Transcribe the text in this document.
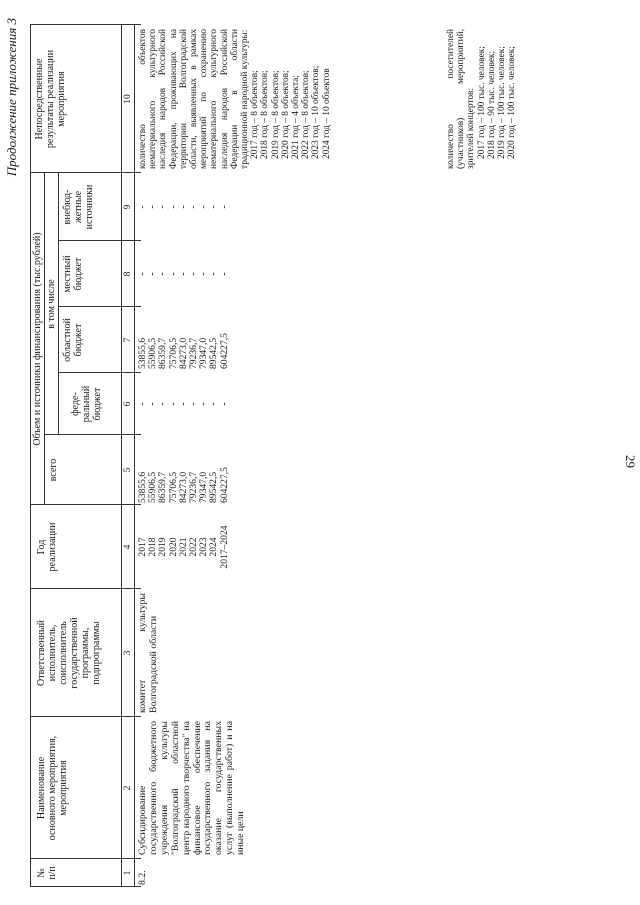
Продолжение приложения 3
29
№
п/п
Наименование
основного мероприятия,
мероприятия
Год
реализации
Ответственный
исполнитель,
соисполнитель
государственной
программы,
подпрограммы
Объем и источники финансирования (тыс.рублей)
всего
в том числе
феде-
ральный
бюджет
областной
бюджет
местный
бюджет
внебюд-
жетные
источники
Непосредственные
результаты реализации
мероприятия
1
2
3
4
5
6
7
8
9
10
8.2.
Субсидирование государственного бюджетного учреждения культуры "Волгоградский областной центр народного творчества" на финансовое обеспечение государственного задания на оказание государственных услуг (выполнение работ) и на иные цели
комитет культуры Волгоградской области
2017 2018 2019 2020 2021 2022 2023 2024 2017–2024
53855,6 55906,5 86359,7 75706,5 84273,0 79236,7 79347,0 89542,5 604227,5
- - - - - - - - -
53855,6 55906,5 86359,7 75706,5 84273,0 79236,7 79347,0 89542,5 604227,5
- - - - - - - - -
- - - - - - - - -
количество объектов нематериального культурного наследия народов Российской Федерации, проживающих на территории Волгоградской области, выявленных в рамках мероприятий по сохранению нематериального культурного наследия народов Российской Федерации в области традиционной народной культуры: 2017 год – 8 объектов; 2018 год – 8 объектов; 2019 год – 8 объектов; 2020 год – 8 объектов; 2021 год – 4 объекта; 2022 год – 8 объектов; 2023 год – 10 объектов; 2024 год – 10 объектов	количество посетителей (участников) мероприятий, зрителей концертов: 2017 год – 100 тыс. человек; 2018 год – 90 тыс. человек; 2019 год – 100 тыс. человек; 2020 год – 100 тыс. человек;
